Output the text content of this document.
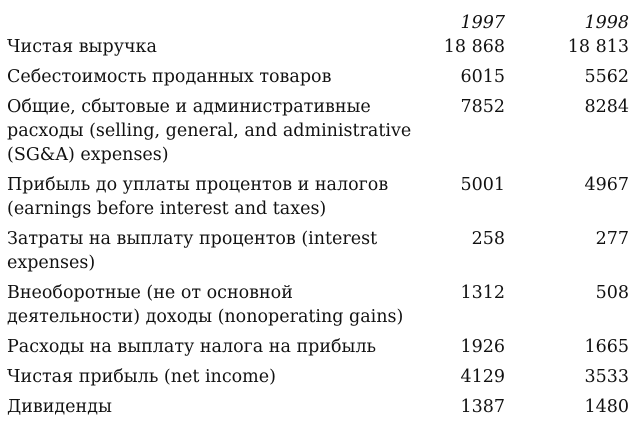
	1997	1998
Чистая выручка	18 868	18 813
Себестоимость проданных товаров	6015	5562
Общие, сбытовые и административные расходы (selling, general, and administrative (SG&A) expenses)	7852	8284
Прибыль до уплаты процентов и налогов (earnings before interest and taxes)	5001	4967
Затраты на выплату процентов (interest expenses)	258	277
Внеоборотные (не от основной деятельности) доходы (nonoperating gains)	1312	508
Расходы на выплату налога на прибыль	1926	1665
Чистая прибыль (net income)	4129	3533
Дивиденды	1387	1480
